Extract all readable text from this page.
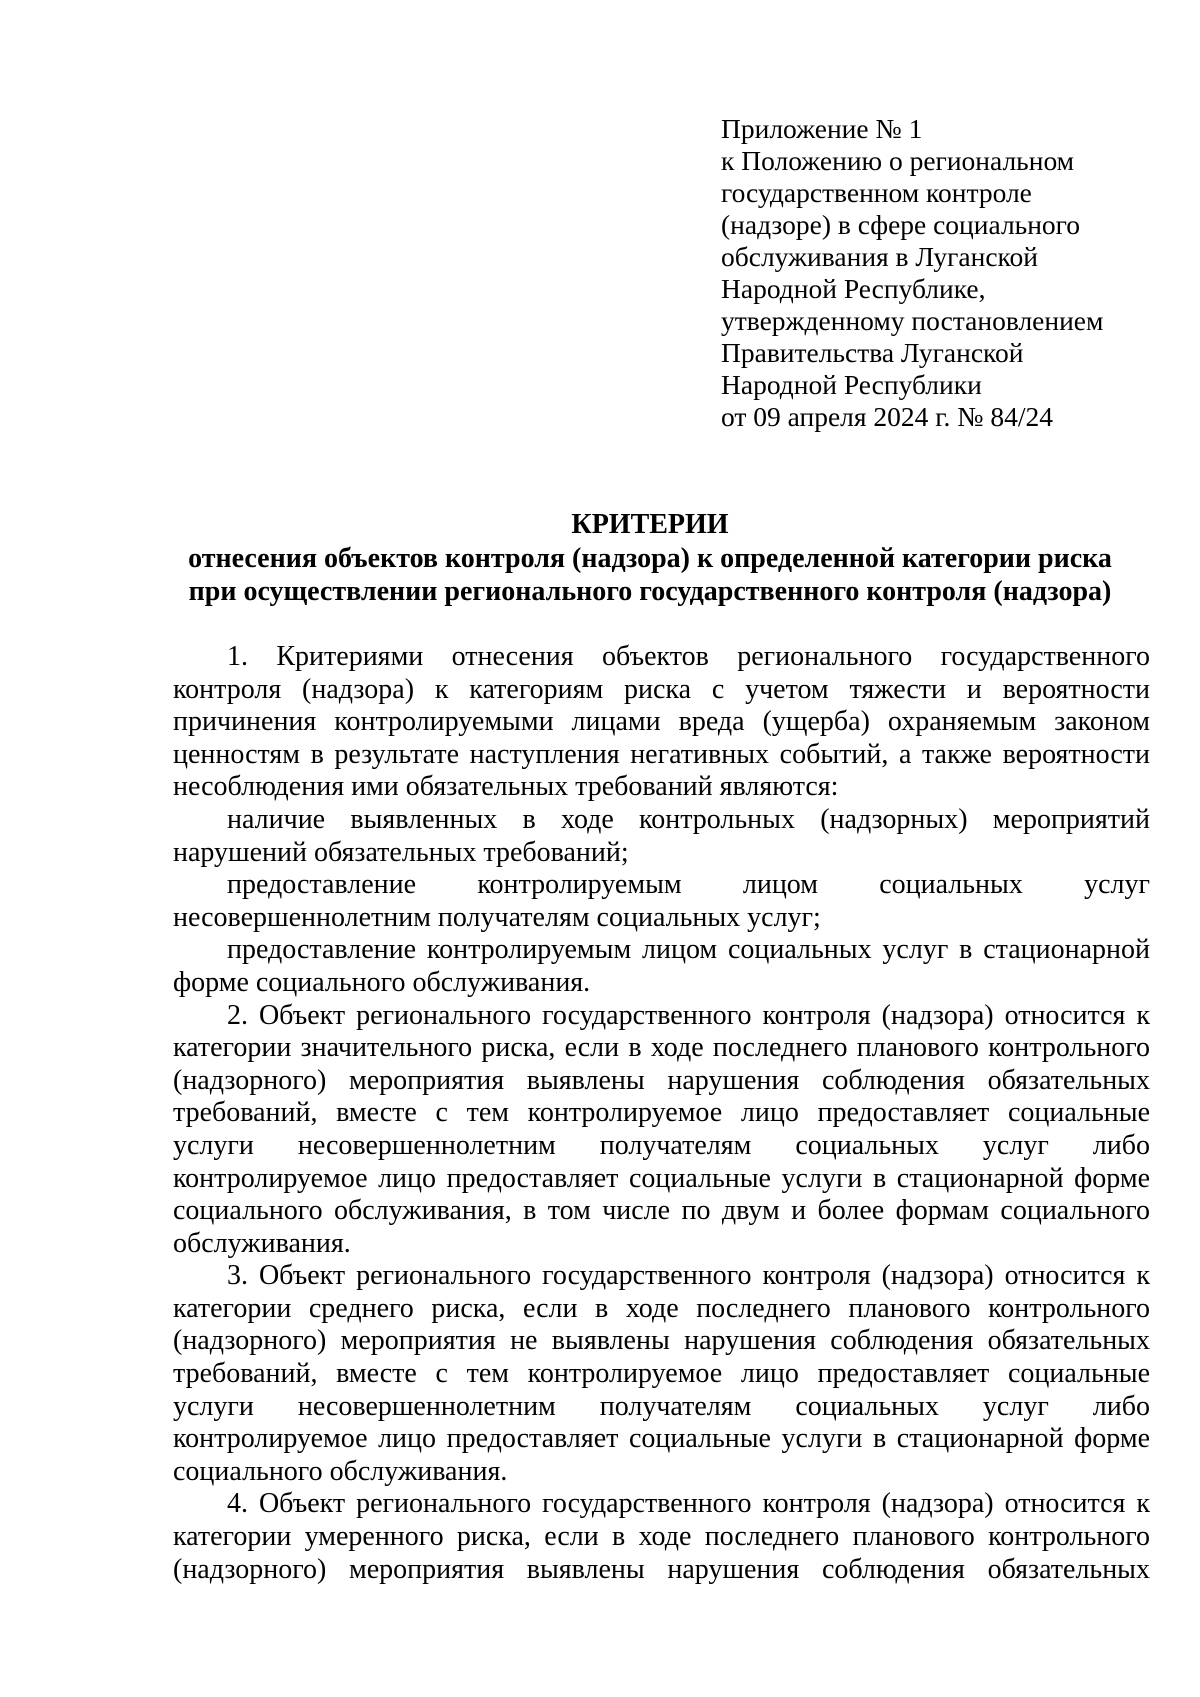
Приложение № 1
к Положению о региональном
государственном контроле
(надзоре) в сфере социального
обслуживания в Луганской
Народной Республике,
утвержденному постановлением
Правительства Луганской
Народной Республики
от 09 апреля 2024 г. № 84/24
КРИТЕРИИ
отнесения объектов контроля (надзора) к определенной категории риска
при осуществлении регионального государственного контроля (надзора)

1. Критериями отнесения объектов регионального государственного контроля (надзора) к категориям риска с учетом тяжести и вероятности причинения контролируемыми лицами вреда (ущерба) охраняемым законом ценностям в результате наступления негативных событий, а также вероятности несоблюдения ими обязательных требований являются:

наличие выявленных в ходе контрольных (надзорных) мероприятий нарушений обязательных требований;

предоставление контролируемым лицом социальных услуг несовершеннолетним получателям социальных услуг;

предоставление контролируемым лицом социальных услуг в стационарной форме социального обслуживания.

2. Объект регионального государственного контроля (надзора) относится к категории значительного риска, если в ходе последнего планового контрольного (надзорного) мероприятия выявлены нарушения соблюдения обязательных требований, вместе с тем контролируемое лицо предоставляет социальные услуги несовершеннолетним получателям социальных услуг либо контролируемое лицо предоставляет социальные услуги в стационарной форме социального обслуживания, в том числе по двум и более формам социального обслуживания.

3. Объект регионального государственного контроля (надзора) относится к категории среднего риска, если в ходе последнего планового контрольного (надзорного) мероприятия не выявлены нарушения соблюдения обязательных требований, вместе с тем контролируемое лицо предоставляет социальные услуги несовершеннолетним получателям социальных услуг либо контролируемое лицо предоставляет социальные услуги в стационарной форме социального обслуживания.

4. Объект регионального государственного контроля (надзора) относится к категории умеренного риска, если в ходе последнего планового контрольного (надзорного) мероприятия выявлены нарушения соблюдения обязательных
